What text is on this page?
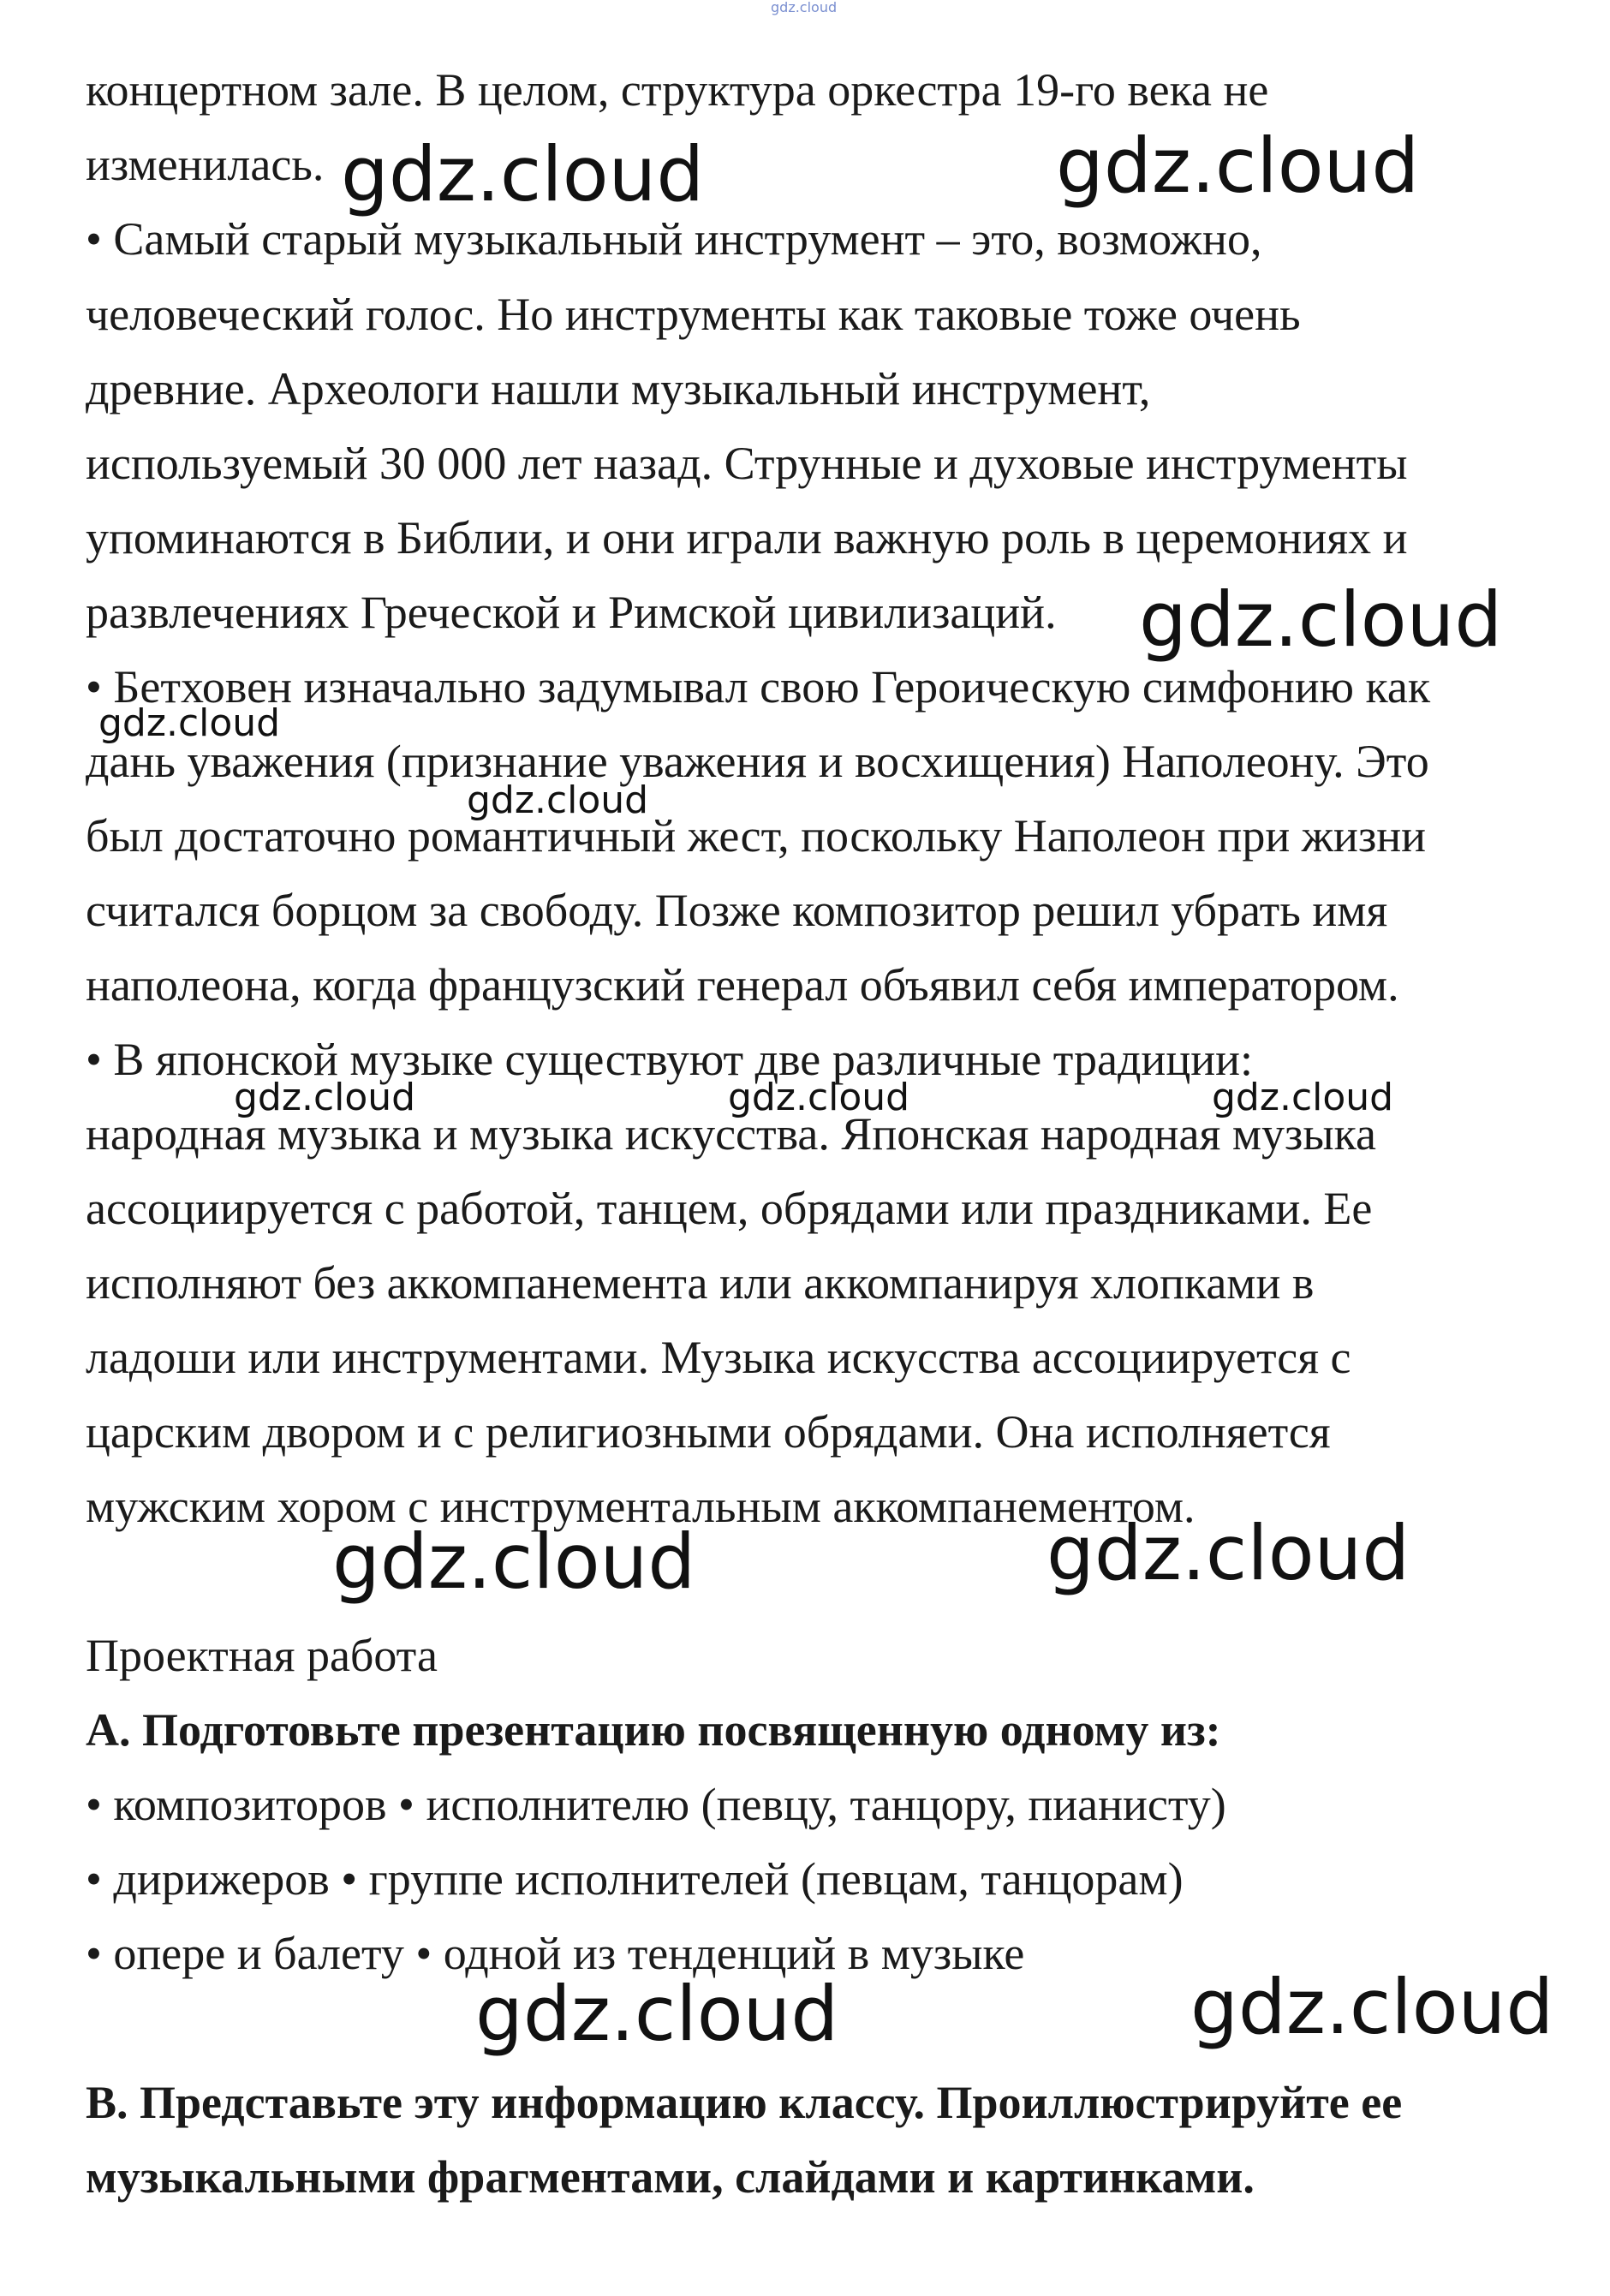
gdz.cloud
концертном зале. В целом, структура оркестра 19-го века не
изменилась.
• Самый старый музыкальный инструмент – это, возможно,
человеческий голос. Но инструменты как таковые тоже очень
древние. Археологи нашли музыкальный инструмент,
используемый 30 000 лет назад. Струнные и духовые инструменты
упоминаются в Библии, и они играли важную роль в церемониях и
развлечениях Греческой и Римской цивилизаций.
• Бетховен изначально задумывал свою Героическую симфонию как
дань уважения (признание уважения и восхищения) Наполеону. Это
был достаточно романтичный жест, поскольку Наполеон при жизни
считался борцом за свободу. Позже композитор решил убрать имя
наполеона, когда французский генерал объявил себя императором.
• В японской музыке существуют две различные традиции:
народная музыка и музыка искусства. Японская народная музыка
ассоциируется с работой, танцем, обрядами или праздниками. Ее
исполняют без аккомпанемента или аккомпанируя хлопками в
ладоши или инструментами. Музыка искусства ассоциируется с
царским двором и с религиозными обрядами. Она исполняется
мужским хором с инструментальным аккомпанементом.
Проектная работа
А. Подготовьте презентацию посвященную одному из:
• композиторов • исполнителю (певцу, танцору, пианисту)
• дирижеров • группе исполнителей (певцам, танцорам)
• опере и балету • одной из тенденций в музыке
В. Представьте эту информацию классу. Проиллюстрируйте ее
музыкальными фрагментами, слайдами и картинками.
gdz.cloud	gdz.cloud
gdz.cloud
gdz.cloud
gdz.cloud
gdz.cloud	gdz.cloud	gdz.cloud
gdz.cloud	gdz.cloud
gdz.cloud	gdz.cloud
